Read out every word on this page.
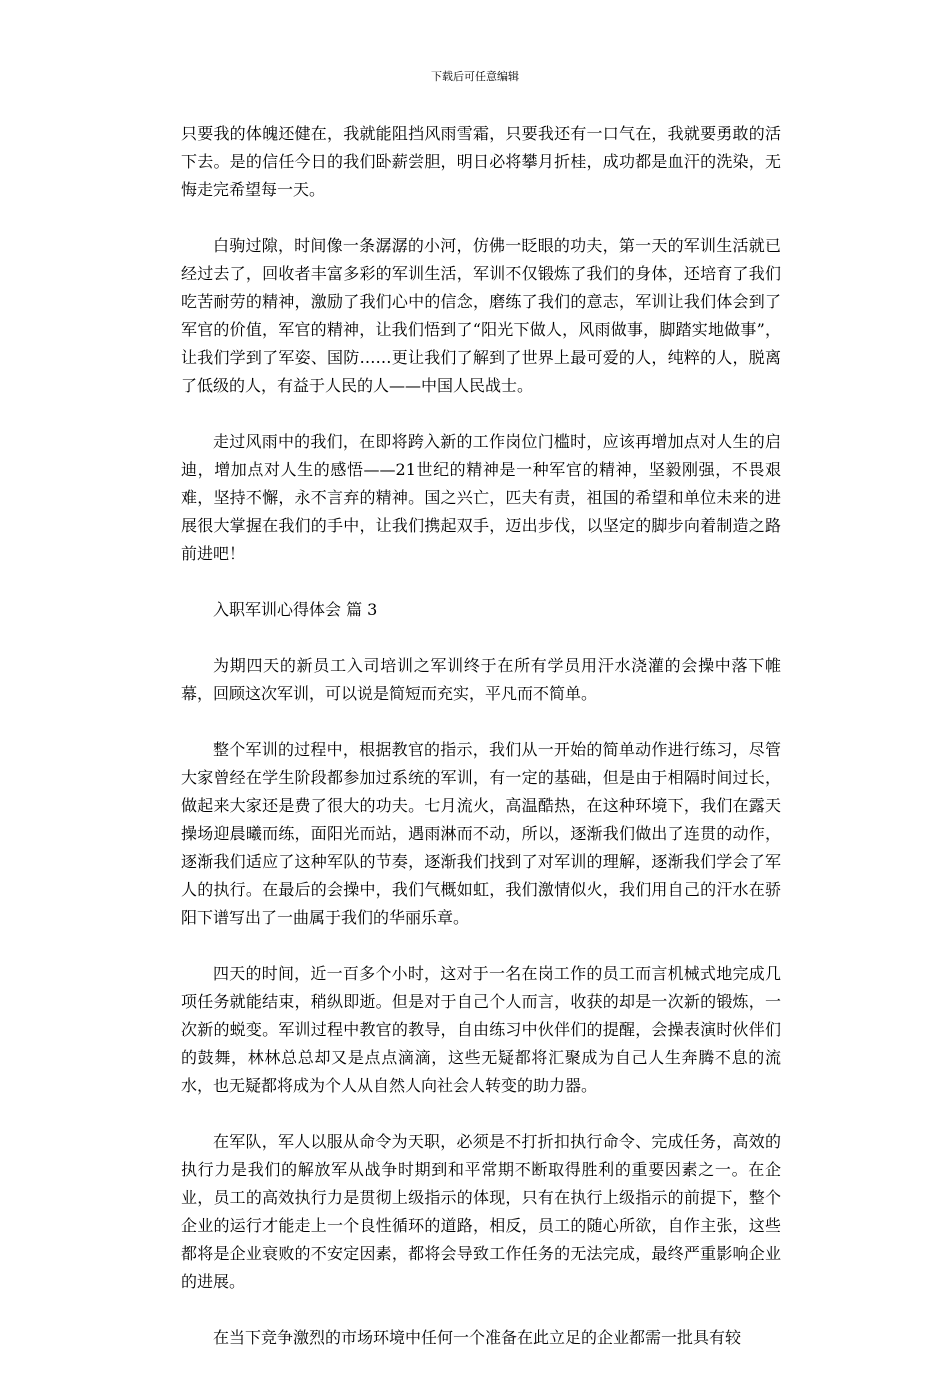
下载后可任意编辑

只要我的体魄还健在，我就能阻挡风雨雪霜，只要我还有一口气在，我就要勇敢的活下去。是的信任今日的我们卧薪尝胆，明日必将攀月折桂，成功都是血汗的洗染，无悔走完希望每一天。

白驹过隙，时间像一条潺潺的小河，仿佛一眨眼的功夫，第一天的军训生活就已经过去了，回收者丰富多彩的军训生活，军训不仅锻炼了我们的身体，还培育了我们吃苦耐劳的精神，激励了我们心中的信念，磨练了我们的意志，军训让我们体会到了军官的价值，军官的精神，让我们悟到了“阳光下做人，风雨做事，脚踏实地做事”，让我们学到了军姿、国防……更让我们了解到了世界上最可爱的人，纯粹的人，脱离了低级的人，有益于人民的人——中国人民战士。

走过风雨中的我们，在即将跨入新的工作岗位门槛时，应该再增加点对人生的启迪，增加点对人生的感悟——21世纪的精神是一种军官的精神，坚毅刚强，不畏艰难，坚持不懈，永不言弃的精神。国之兴亡，匹夫有责，祖国的希望和单位未来的进展很大掌握在我们的手中，让我们携起双手，迈出步伐，以坚定的脚步向着制造之路前进吧！

入职军训心得体会 篇 3

为期四天的新员工入司培训之军训终于在所有学员用汗水浇灌的会操中落下帷幕，回顾这次军训，可以说是简短而充实，平凡而不简单。

整个军训的过程中，根据教官的指示，我们从一开始的简单动作进行练习，尽管大家曾经在学生阶段都参加过系统的军训，有一定的基础，但是由于相隔时间过长，做起来大家还是费了很大的功夫。七月流火，高温酷热，在这种环境下，我们在露天操场迎晨曦而练，面阳光而站，遇雨淋而不动，所以，逐渐我们做出了连贯的动作，逐渐我们适应了这种军队的节奏，逐渐我们找到了对军训的理解，逐渐我们学会了军人的执行。在最后的会操中，我们气概如虹，我们激情似火，我们用自己的汗水在骄阳下谱写出了一曲属于我们的华丽乐章。

四天的时间，近一百多个小时，这对于一名在岗工作的员工而言机械式地完成几项任务就能结束，稍纵即逝。但是对于自己个人而言，收获的却是一次新的锻炼，一次新的蜕变。军训过程中教官的教导，自由练习中伙伴们的提醒，会操表演时伙伴们的鼓舞，林林总总却又是点点滴滴，这些无疑都将汇聚成为自己人生奔腾不息的流水，也无疑都将成为个人从自然人向社会人转变的助力器。

在军队，军人以服从命令为天职，必须是不打折扣执行命令、完成任务，高效的执行力是我们的解放军从战争时期到和平常期不断取得胜利的重要因素之一。在企业，员工的高效执行力是贯彻上级指示的体现，只有在执行上级指示的前提下，整个企业的运行才能走上一个良性循环的道路，相反，员工的随心所欲，自作主张，这些都将是企业衰败的不安定因素，都将会导致工作任务的无法完成，最终严重影响企业的进展。

在当下竞争激烈的市场环境中任何一个准备在此立足的企业都需一批具有较
